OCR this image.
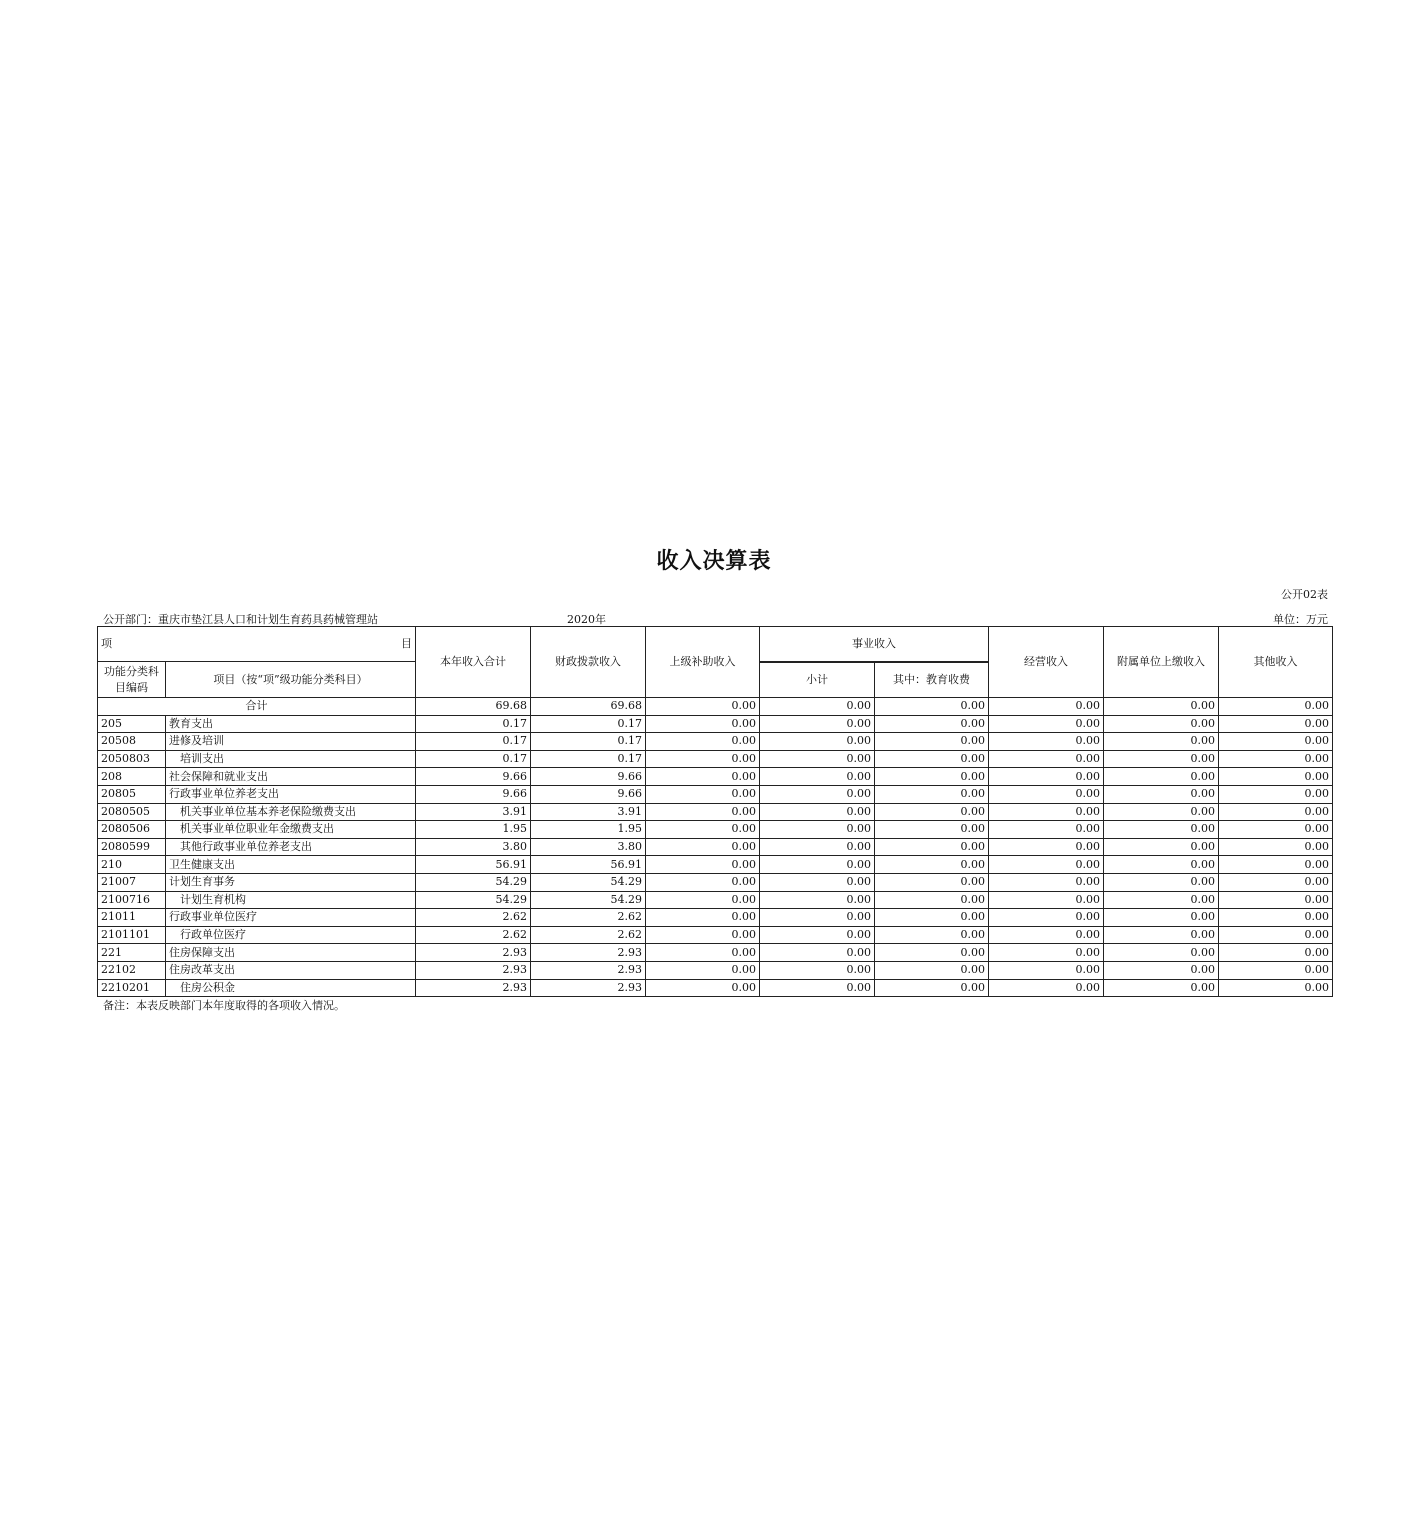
收入决算表
公开02表
公开部门：重庆市垫江县人口和计划生育药具药械管理站	2020年	单位：万元
项 目		本年收入合计	财政拨款收入	上级补助收入	事业收入		经营收入	附属单位上缴收入	其他收入
功能分类科目编码	项目（按“项”级功能分类科目）								
					小计	其中：教育收费			
合计		69.68	69.68	0.00	0.00	0.00	0.00	0.00	0.00
205	教育支出	0.17	0.17	0.00	0.00	0.00	0.00	0.00	0.00
20508	进修及培训	0.17	0.17	0.00	0.00	0.00	0.00	0.00	0.00
2050803	培训支出	0.17	0.17	0.00	0.00	0.00	0.00	0.00	0.00
208	社会保障和就业支出	9.66	9.66	0.00	0.00	0.00	0.00	0.00	0.00
20805	行政事业单位养老支出	9.66	9.66	0.00	0.00	0.00	0.00	0.00	0.00
2080505	机关事业单位基本养老保险缴费支出	3.91	3.91	0.00	0.00	0.00	0.00	0.00	0.00
2080506	机关事业单位职业年金缴费支出	1.95	1.95	0.00	0.00	0.00	0.00	0.00	0.00
2080599	其他行政事业单位养老支出	3.80	3.80	0.00	0.00	0.00	0.00	0.00	0.00
210	卫生健康支出	56.91	56.91	0.00	0.00	0.00	0.00	0.00	0.00
21007	计划生育事务	54.29	54.29	0.00	0.00	0.00	0.00	0.00	0.00
2100716	计划生育机构	54.29	54.29	0.00	0.00	0.00	0.00	0.00	0.00
21011	行政事业单位医疗	2.62	2.62	0.00	0.00	0.00	0.00	0.00	0.00
2101101	行政单位医疗	2.62	2.62	0.00	0.00	0.00	0.00	0.00	0.00
221	住房保障支出	2.93	2.93	0.00	0.00	0.00	0.00	0.00	0.00
22102	住房改革支出	2.93	2.93	0.00	0.00	0.00	0.00	0.00	0.00
2210201	住房公积金	2.93	2.93	0.00	0.00	0.00	0.00	0.00	0.00
备注：本表反映部门本年度取得的各项收入情况。
